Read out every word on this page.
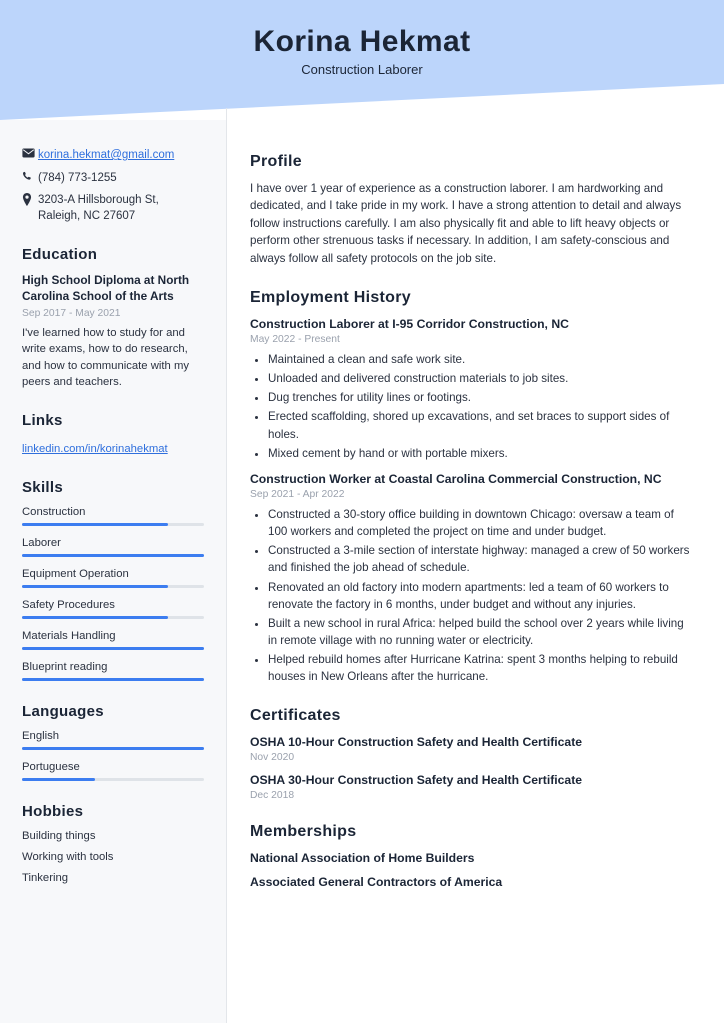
Korina Hekmat
Construction Laborer
korina.hekmat@gmail.com
(784) 773-1255
3203-A Hillsborough St,
Raleigh, NC 27607
Education
High School Diploma at North Carolina School of the Arts
Sep 2017 - May 2021
I've learned how to study for and write exams, how to do research, and how to communicate with my peers and teachers.
Links
linkedin.com/in/korinahekmat
Skills
Construction
Laborer
Equipment Operation
Safety Procedures
Materials Handling
Blueprint reading
Languages
English
Portuguese
Hobbies
Building things
Working with tools
Tinkering
Profile

I have over 1 year of experience as a construction laborer. I am hardworking and dedicated, and I take pride in my work. I have a strong attention to detail and always follow instructions carefully. I am also physically fit and able to lift heavy objects or perform other strenuous tasks if necessary. In addition, I am safety-conscious and always follow all safety protocols on the job site.

Employment History
Construction Laborer at I-95 Corridor Construction, NC
May 2022 - Present
• Maintained a clean and safe work site.
• Unloaded and delivered construction materials to job sites.
• Dug trenches for utility lines or footings.
• Erected scaffolding, shored up excavations, and set braces to support sides of holes.
• Mixed cement by hand or with portable mixers.
Construction Worker at Coastal Carolina Commercial Construction, NC
Sep 2021 - Apr 2022
• Constructed a 30-story office building in downtown Chicago: oversaw a team of 100 workers and completed the project on time and under budget.
• Constructed a 3-mile section of interstate highway: managed a crew of 50 workers and finished the job ahead of schedule.
• Renovated an old factory into modern apartments: led a team of 60 workers to renovate the factory in 6 months, under budget and without any injuries.
• Built a new school in rural Africa: helped build the school over 2 years while living in remote village with no running water or electricity.
• Helped rebuild homes after Hurricane Katrina: spent 3 months helping to rebuild houses in New Orleans after the hurricane.
Certificates
OSHA 10-Hour Construction Safety and Health Certificate
Nov 2020
OSHA 30-Hour Construction Safety and Health Certificate
Dec 2018
Memberships
National Association of Home Builders
Associated General Contractors of America
